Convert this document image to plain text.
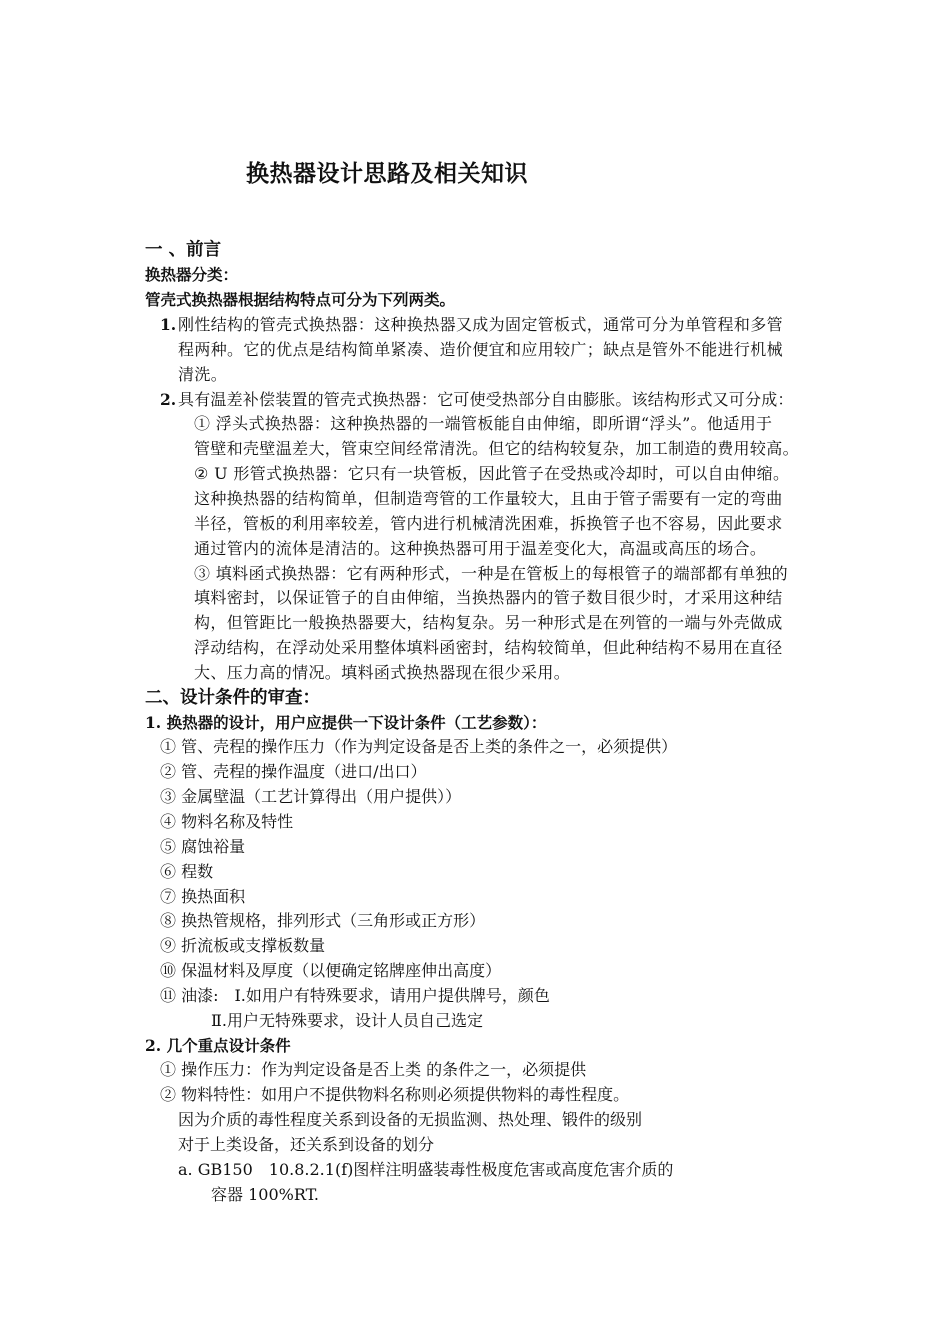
换热器设计思路及相关知识
一 、前言
换热器分类：
管壳式换热器根据结构特点可分为下列两类。
1. 刚性结构的管壳式换热器：这种换热器又成为固定管板式，通常可分为单管程和多管
程两种。它的优点是结构简单紧凑、造价便宜和应用较广；缺点是管外不能进行机械
清洗。
2. 具有温差补偿装置的管壳式换热器：它可使受热部分自由膨胀。该结构形式又可分成：
① 浮头式换热器：这种换热器的一端管板能自由伸缩，即所谓“浮头”。他适用于
管壁和壳壁温差大，管束空间经常清洗。但它的结构较复杂，加工制造的费用较高。
② U 形管式换热器：它只有一块管板，因此管子在受热或冷却时，可以自由伸缩。
这种换热器的结构简单，但制造弯管的工作量较大，且由于管子需要有一定的弯曲
半径，管板的利用率较差，管内进行机械清洗困难，拆换管子也不容易，因此要求
通过管内的流体是清洁的。这种换热器可用于温差变化大，高温或高压的场合。
③ 填料函式换热器：它有两种形式，一种是在管板上的每根管子的端部都有单独的
填料密封，以保证管子的自由伸缩，当换热器内的管子数目很少时，才采用这种结
构，但管距比一般换热器要大，结构复杂。另一种形式是在列管的一端与外壳做成
浮动结构，在浮动处采用整体填料函密封，结构较简单，但此种结构不易用在直径
大、压力高的情况。填料函式换热器现在很少采用。
二、设计条件的审查：
1. 换热器的设计，用户应提供一下设计条件（工艺参数）：
① 管、壳程的操作压力（作为判定设备是否上类的条件之一，必须提供）
② 管、壳程的操作温度（进口/出口）
③ 金属壁温（工艺计算得出（用户提供））
④ 物料名称及特性
⑤ 腐蚀裕量
⑥ 程数
⑦ 换热面积
⑧ 换热管规格，排列形式（三角形或正方形）
⑨ 折流板或支撑板数量
⑩ 保温材料及厚度（以便确定铭牌座伸出高度）
⑪ 油漆:　Ⅰ.如用户有特殊要求，请用户提供牌号，颜色
Ⅱ.用户无特殊要求，设计人员自己选定
2. 几个重点设计条件
① 操作压力：作为判定设备是否上类 的条件之一，必须提供
② 物料特性：如用户不提供物料名称则必须提供物料的毒性程度。
因为介质的毒性程度关系到设备的无损监测、热处理、锻件的级别
对于上类设备，还关系到设备的划分
a. GB150　10.8.2.1(f)图样注明盛装毒性极度危害或高度危害介质的
容器 100%RT.
